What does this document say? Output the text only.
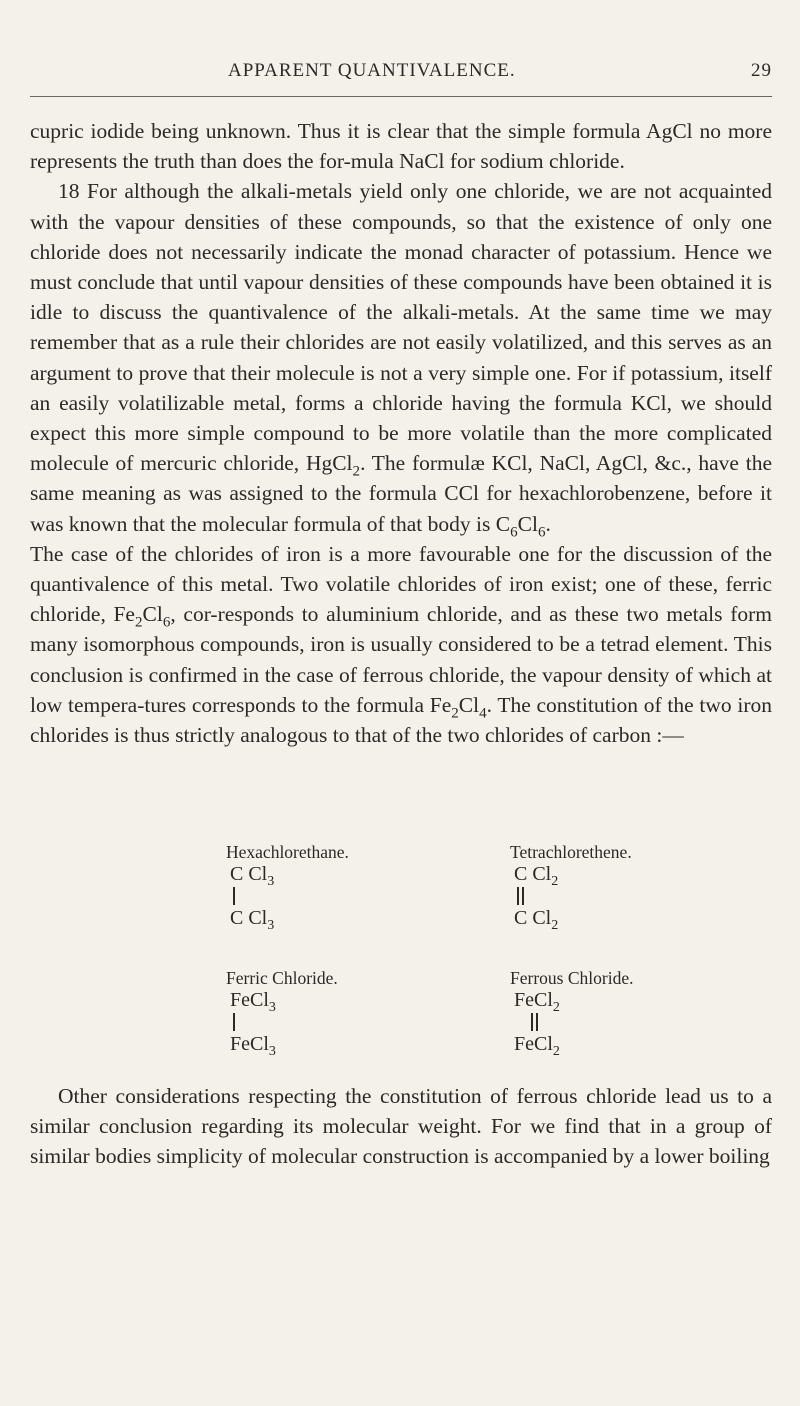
APPARENT QUANTIVALENCE.	29

cupric iodide being unknown. Thus it is clear that the simple formula AgCl no more represents the truth than does the for-mula NaCl for sodium chloride.

18 For although the alkali-metals yield only one chloride, we are not acquainted with the vapour densities of these compounds, so that the existence of only one chloride does not necessarily indicate the monad character of potassium. Hence we must conclude that until vapour densities of these compounds have been obtained it is idle to discuss the quantivalence of the alkali-metals. At the same time we may remember that as a rule their chlorides are not easily volatilized, and this serves as an argument to prove that their molecule is not a very simple one. For if potassium, itself an easily volatilizable metal, forms a chloride having the formula KCl, we should expect this more simple compound to be more volatile than the more complicated molecule of mercuric chloride, HgCl$_2$. The formulæ KCl, NaCl, AgCl, &c., have the same meaning as was assigned to the formula CCl for hexachlorobenzene, before it was known that the molecular formula of that body is $C_6Cl_6$.

The case of the chlorides of iron is a more favourable one for the discussion of the quantivalence of this metal. Two volatile chlorides of iron exist; one of these, ferric chloride, $Fe_2Cl_6$, cor-responds to aluminium chloride, and as these two metals form many isomorphous compounds, iron is usually considered to be a tetrad element. This conclusion is confirmed in the case of ferrous chloride, the vapour density of which at low tempera-tures corresponds to the formula $Fe_2Cl_4$. The constitution of the two iron chlorides is thus strictly analogous to that of the two chlorides of carbon :—

Hexachlorethane.
C $Cl_3$
C $Cl_3$
Tetrachlorethene.
C $Cl_2$
C $Cl_2$
Ferric Chloride.
FeCl$_3$
FeCl$_3$
Ferrous Chloride.
FeCl$_2$
FeCl$_2$

Other considerations respecting the constitution of ferrous chloride lead us to a similar conclusion regarding its molecular weight. For we find that in a group of similar bodies simplicity of molecular construction is accompanied by a lower boiling
